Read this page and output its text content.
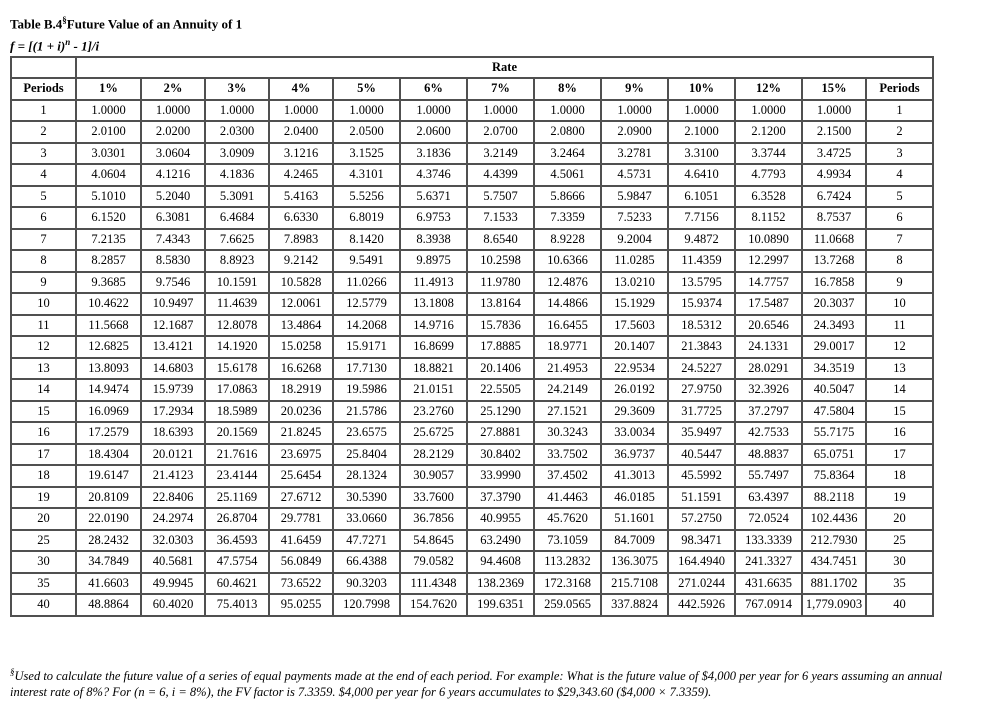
Table B.4§Future Value of an Annuity of 1
$f = [(1 + i)^n - 1]/i$
	Rate												
Periods	1%	2%	3%	4%	5%	6%	7%	8%	9%	10%	12%	15%	Periods
1	1.0000	1.0000	1.0000	1.0000	1.0000	1.0000	1.0000	1.0000	1.0000	1.0000	1.0000	1.0000	1
2	2.0100	2.0200	2.0300	2.0400	2.0500	2.0600	2.0700	2.0800	2.0900	2.1000	2.1200	2.1500	2
3	3.0301	3.0604	3.0909	3.1216	3.1525	3.1836	3.2149	3.2464	3.2781	3.3100	3.3744	3.4725	3
4	4.0604	4.1216	4.1836	4.2465	4.3101	4.3746	4.4399	4.5061	4.5731	4.6410	4.7793	4.9934	4
5	5.1010	5.2040	5.3091	5.4163	5.5256	5.6371	5.7507	5.8666	5.9847	6.1051	6.3528	6.7424	5
6	6.1520	6.3081	6.4684	6.6330	6.8019	6.9753	7.1533	7.3359	7.5233	7.7156	8.1152	8.7537	6
7	7.2135	7.4343	7.6625	7.8983	8.1420	8.3938	8.6540	8.9228	9.2004	9.4872	10.0890	11.0668	7
8	8.2857	8.5830	8.8923	9.2142	9.5491	9.8975	10.2598	10.6366	11.0285	11.4359	12.2997	13.7268	8
9	9.3685	9.7546	10.1591	10.5828	11.0266	11.4913	11.9780	12.4876	13.0210	13.5795	14.7757	16.7858	9
10	10.4622	10.9497	11.4639	12.0061	12.5779	13.1808	13.8164	14.4866	15.1929	15.9374	17.5487	20.3037	10
11	11.5668	12.1687	12.8078	13.4864	14.2068	14.9716	15.7836	16.6455	17.5603	18.5312	20.6546	24.3493	11
12	12.6825	13.4121	14.1920	15.0258	15.9171	16.8699	17.8885	18.9771	20.1407	21.3843	24.1331	29.0017	12
13	13.8093	14.6803	15.6178	16.6268	17.7130	18.8821	20.1406	21.4953	22.9534	24.5227	28.0291	34.3519	13
14	14.9474	15.9739	17.0863	18.2919	19.5986	21.0151	22.5505	24.2149	26.0192	27.9750	32.3926	40.5047	14
15	16.0969	17.2934	18.5989	20.0236	21.5786	23.2760	25.1290	27.1521	29.3609	31.7725	37.2797	47.5804	15
16	17.2579	18.6393	20.1569	21.8245	23.6575	25.6725	27.8881	30.3243	33.0034	35.9497	42.7533	55.7175	16
17	18.4304	20.0121	21.7616	23.6975	25.8404	28.2129	30.8402	33.7502	36.9737	40.5447	48.8837	65.0751	17
18	19.6147	21.4123	23.4144	25.6454	28.1324	30.9057	33.9990	37.4502	41.3013	45.5992	55.7497	75.8364	18
19	20.8109	22.8406	25.1169	27.6712	30.5390	33.7600	37.3790	41.4463	46.0185	51.1591	63.4397	88.2118	19
20	22.0190	24.2974	26.8704	29.7781	33.0660	36.7856	40.9955	45.7620	51.1601	57.2750	72.0524	102.4436	20
25	28.2432	32.0303	36.4593	41.6459	47.7271	54.8645	63.2490	73.1059	84.7009	98.3471	133.3339	212.7930	25
30	34.7849	40.5681	47.5754	56.0849	66.4388	79.0582	94.4608	113.2832	136.3075	164.4940	241.3327	434.7451	30
35	41.6603	49.9945	60.4621	73.6522	90.3203	111.4348	138.2369	172.3168	215.7108	271.0244	431.6635	881.1702	35
40	48.8864	60.4020	75.4013	95.0255	120.7998	154.7620	199.6351	259.0565	337.8824	442.5926	767.0914	1,779.0903	40
§Used to calculate the future value of a series of equal payments made at the end of each period. For example: What is the future value of $4,000 per year for 6 years assuming an annual interest rate of 8%? For (n = 6, i = 8%), the FV factor is 7.3359. $4,000 per year for 6 years accumulates to $29,343.60 ($4,000 × 7.3359).
